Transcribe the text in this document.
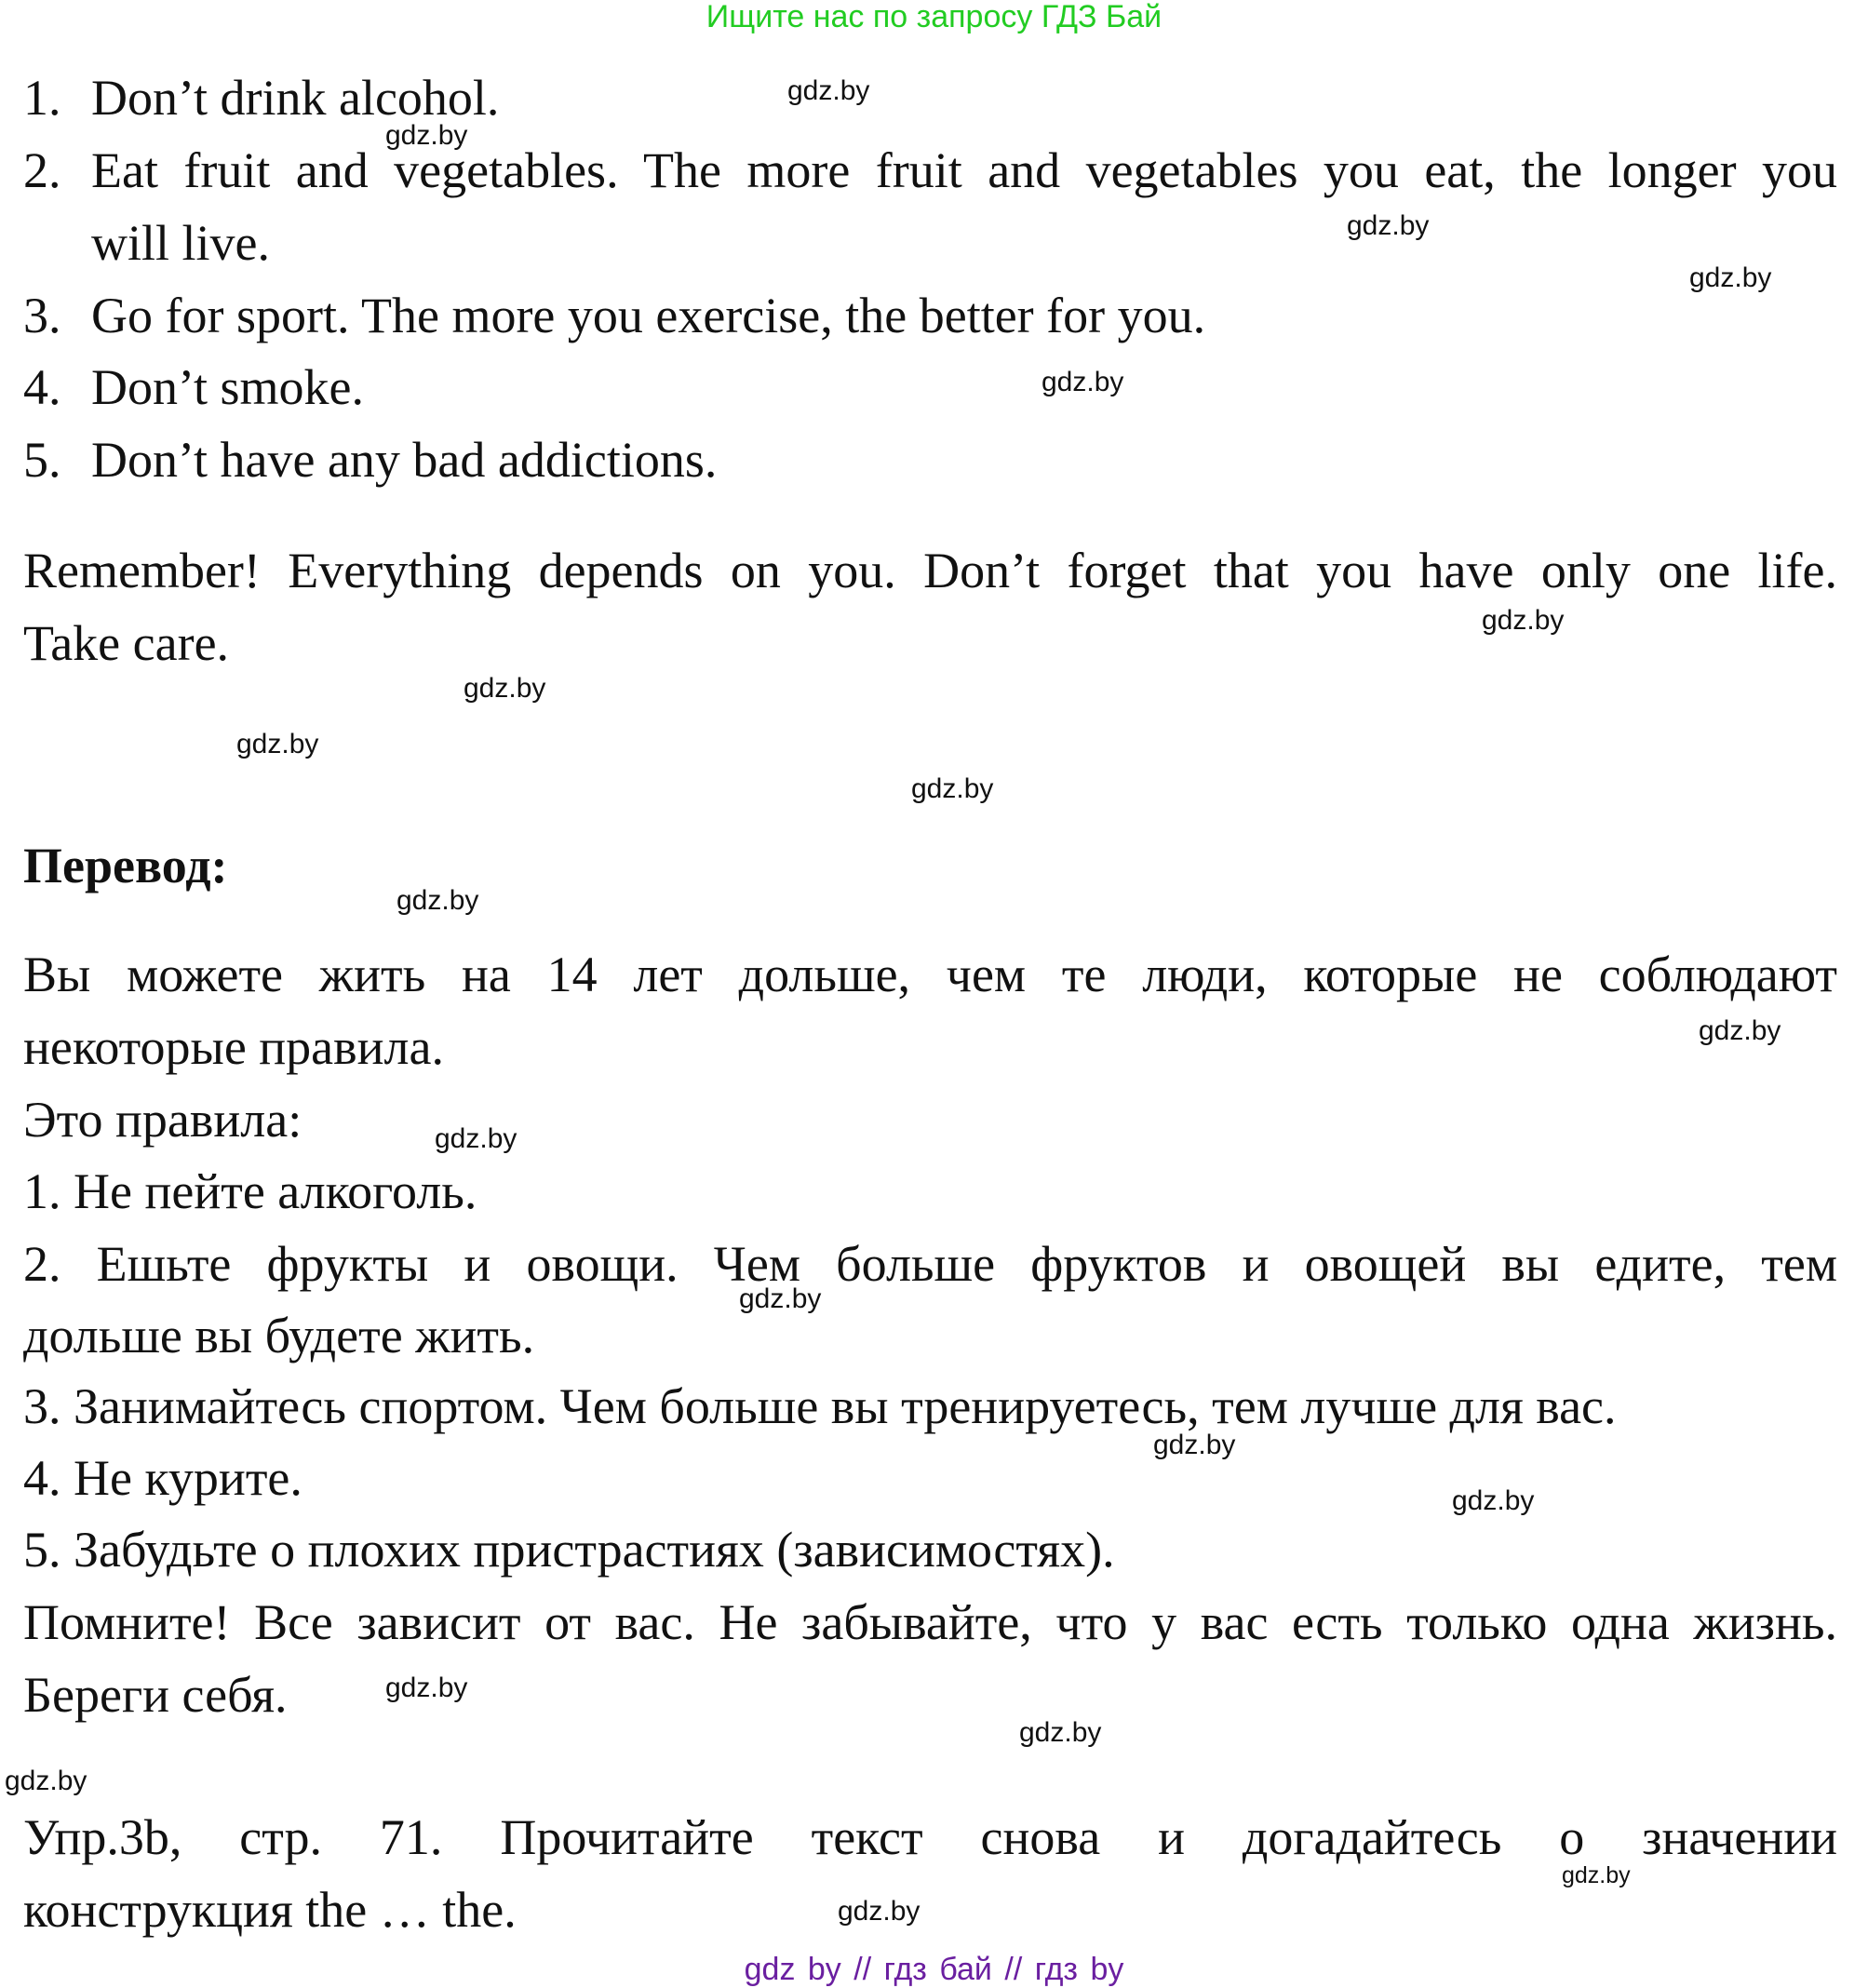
Ищите нас по запросу ГДЗ Бай
1. Don’t drink alcohol.
2. Eat fruit and vegetables. The more fruit and vegetables you eat, the longer you
will live.
3. Go for sport. The more you exercise, the better for you.
4. Don’t smoke.
5. Don’t have any bad addictions.
Remember! Everything depends on you. Don’t forget that you have only one life.
Take care.
Перевод:
Вы можете жить на 14 лет дольше, чем те люди, которые не соблюдают
некоторые правила.
Это правила:
1. Не пейте алкоголь.
2. Ешьте фрукты и овощи. Чем больше фруктов и овощей вы едите, тем
дольше вы будете жить.
3. Занимайтесь спортом. Чем больше вы тренируетесь, тем лучше для вас.
4. Не курите.
5. Забудьте о плохих пристрастиях (зависимостях).
Помните! Все зависит от вас. Не забывайте, что у вас есть только одна жизнь.
Береги себя.
Упр.3b, стр. 71. Прочитайте текст снова и догадайтесь о значении
конструкция the … the.
gdz by // гдз бай // гдз by
gdz.by
gdz.by
gdz.by
gdz.by
gdz.by
gdz.by
gdz.by
gdz.by
gdz.by
gdz.by
gdz.by
gdz.by
gdz.by
gdz.by
gdz.by
gdz.by
gdz.by
gdz.by
gdz.by
gdz.by
